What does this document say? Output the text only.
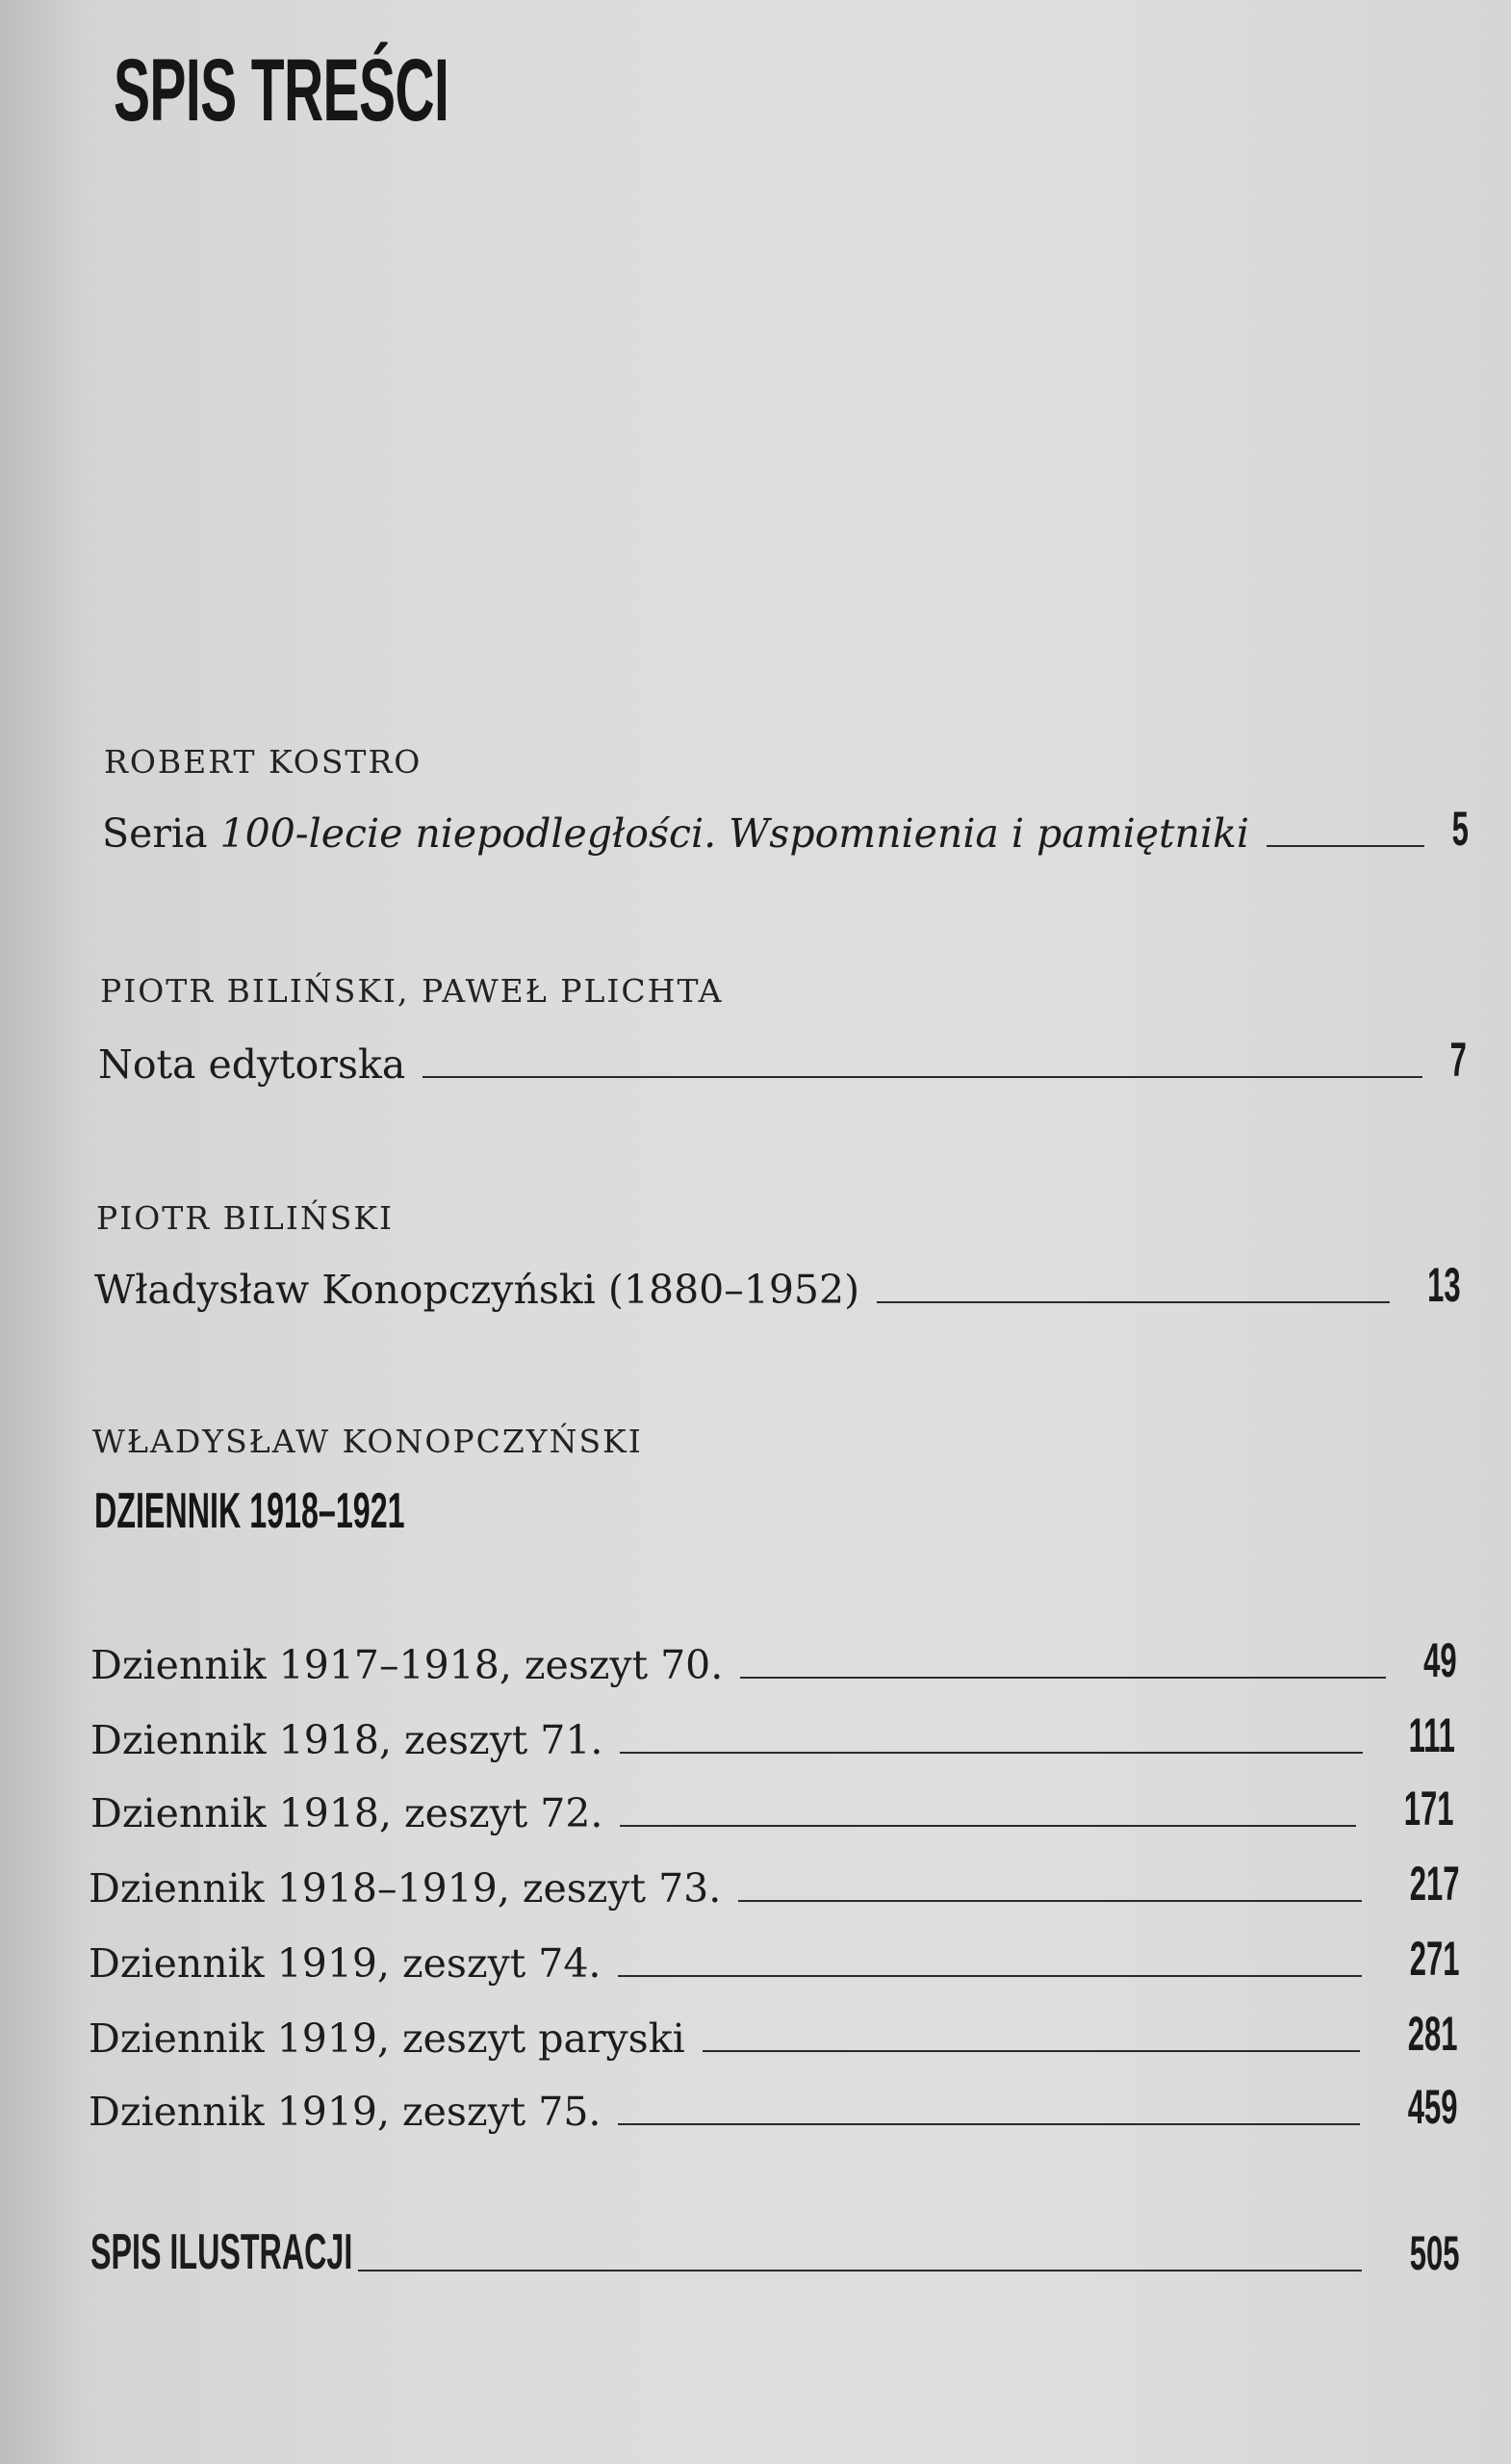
SPIS TREŚCI
ROBERT KOSTRO
Seria 100-lecie niepodległości. Wspomnienia i pamiętniki	5
PIOTR BILIŃSKI, PAWEŁ PLICHTA
Nota edytorska	7
PIOTR BILIŃSKI
Władysław Konopczyński (1880–1952)	13
WŁADYSŁAW KONOPCZYŃSKI
DZIENNIK 1918–1921
Dziennik 1917–1918, zeszyt 70.	49
Dziennik 1918, zeszyt 71.	111
Dziennik 1918, zeszyt 72.	171
Dziennik 1918–1919, zeszyt 73.	217
Dziennik 1919, zeszyt 74.	271
Dziennik 1919, zeszyt paryski	281
Dziennik 1919, zeszyt 75.	459
SPIS ILUSTRACJI	505
